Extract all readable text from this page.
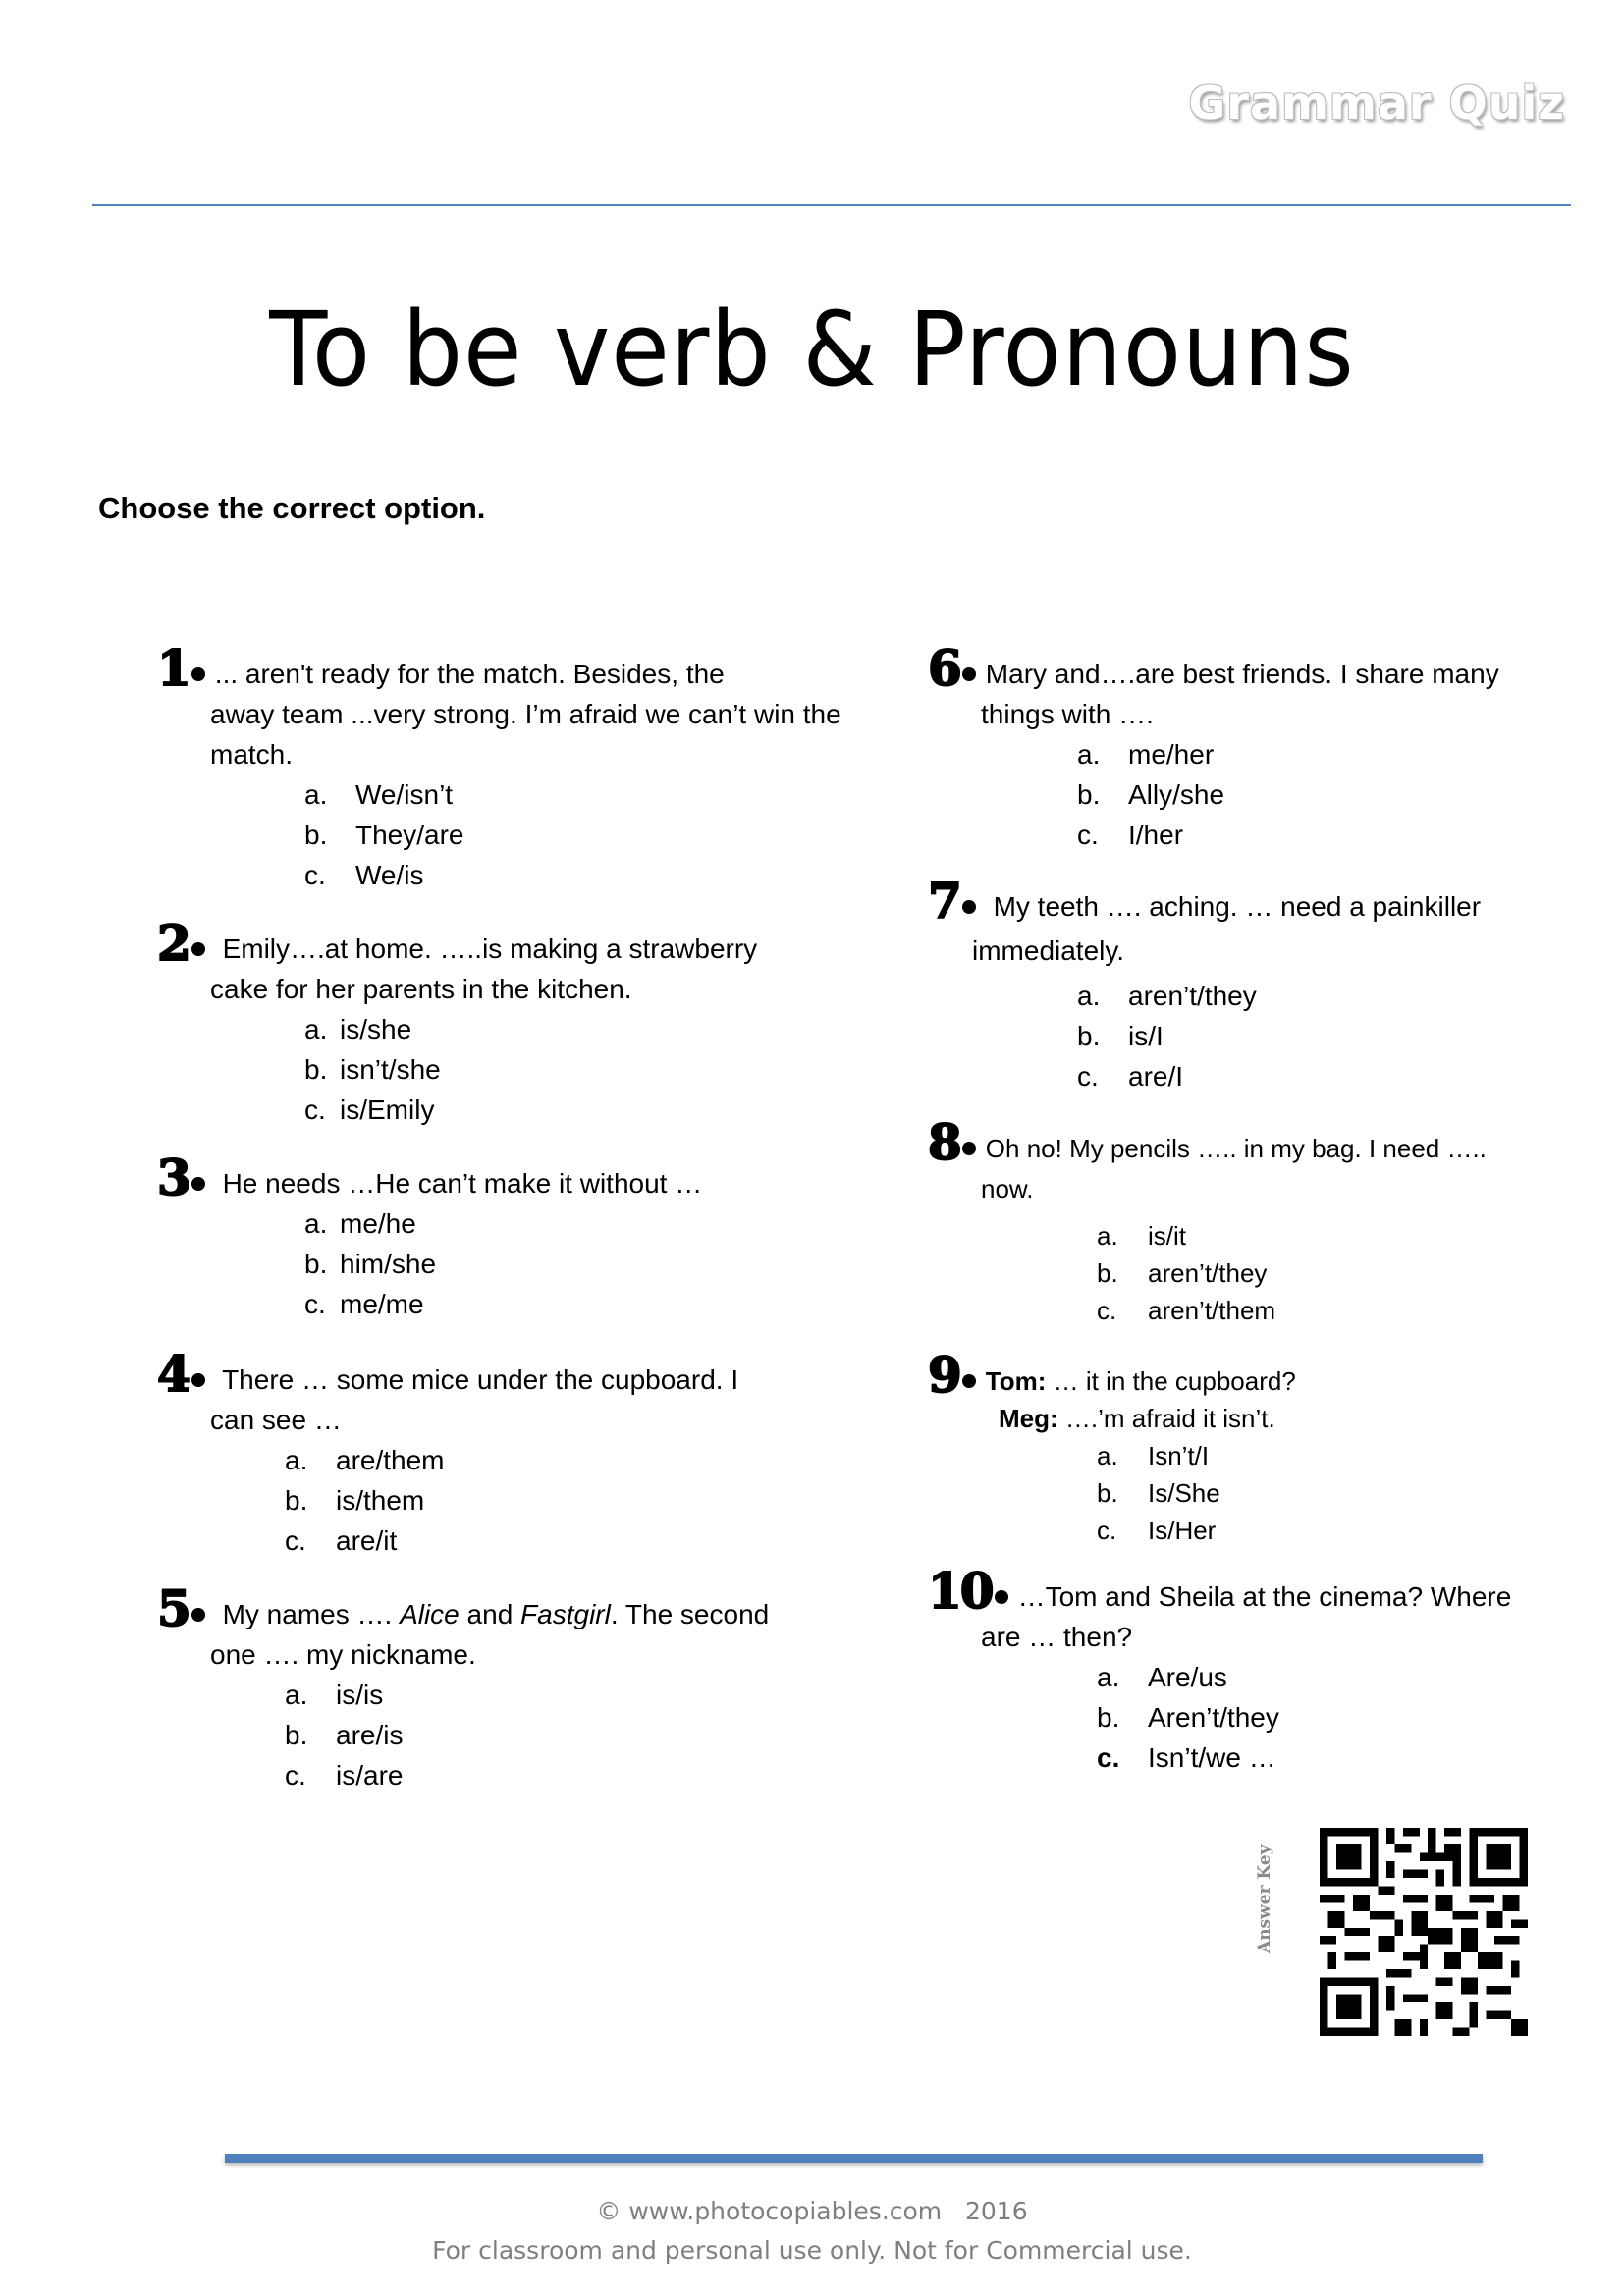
Grammar Quiz
To be verb & Pronouns
Choose the correct option.
1 ... aren't ready for the match. Besides, the
away team ...very strong. I’m afraid we can’t win the match.
a. We/isn’t
b. They/are
c. We/is
2 Emily….at home. …..is making a strawberry
cake for her parents in the kitchen.
a. is/she
b. isn’t/she
c. is/Emily
3 He needs …He can’t make it without …
a. me/he
b. him/she
c. me/me
4 There … some mice under the cupboard. I
can see …
a. are/them
b. is/them
c. are/it
5 My names …. Alice and Fastgirl. The second
one …. my nickname.
a. is/is
b. are/is
c. is/are
6 Mary and….are best friends. I share many
things with ….
a. me/her
b. Ally/she
c. I/her
7 My teeth …. aching. … need a painkiller
immediately.
a. aren’t/they
b. is/I
c. are/I
8 Oh no! My pencils ….. in my bag. I need …..
now.
a. is/it
b. aren’t/they
c. aren’t/them
9 Tom: … it in the cupboard?
Meg: ….’m afraid it isn’t.
a. Isn’t/I
b. Is/She
c. Is/Her
10 …Tom and Sheila at the cinema? Where
are … then?
a. Are/us
b. Aren’t/they
c. Isn’t/we …
Answer Key
© www.photocopiables.com   2016
For classroom and personal use only. Not for Commercial use.
